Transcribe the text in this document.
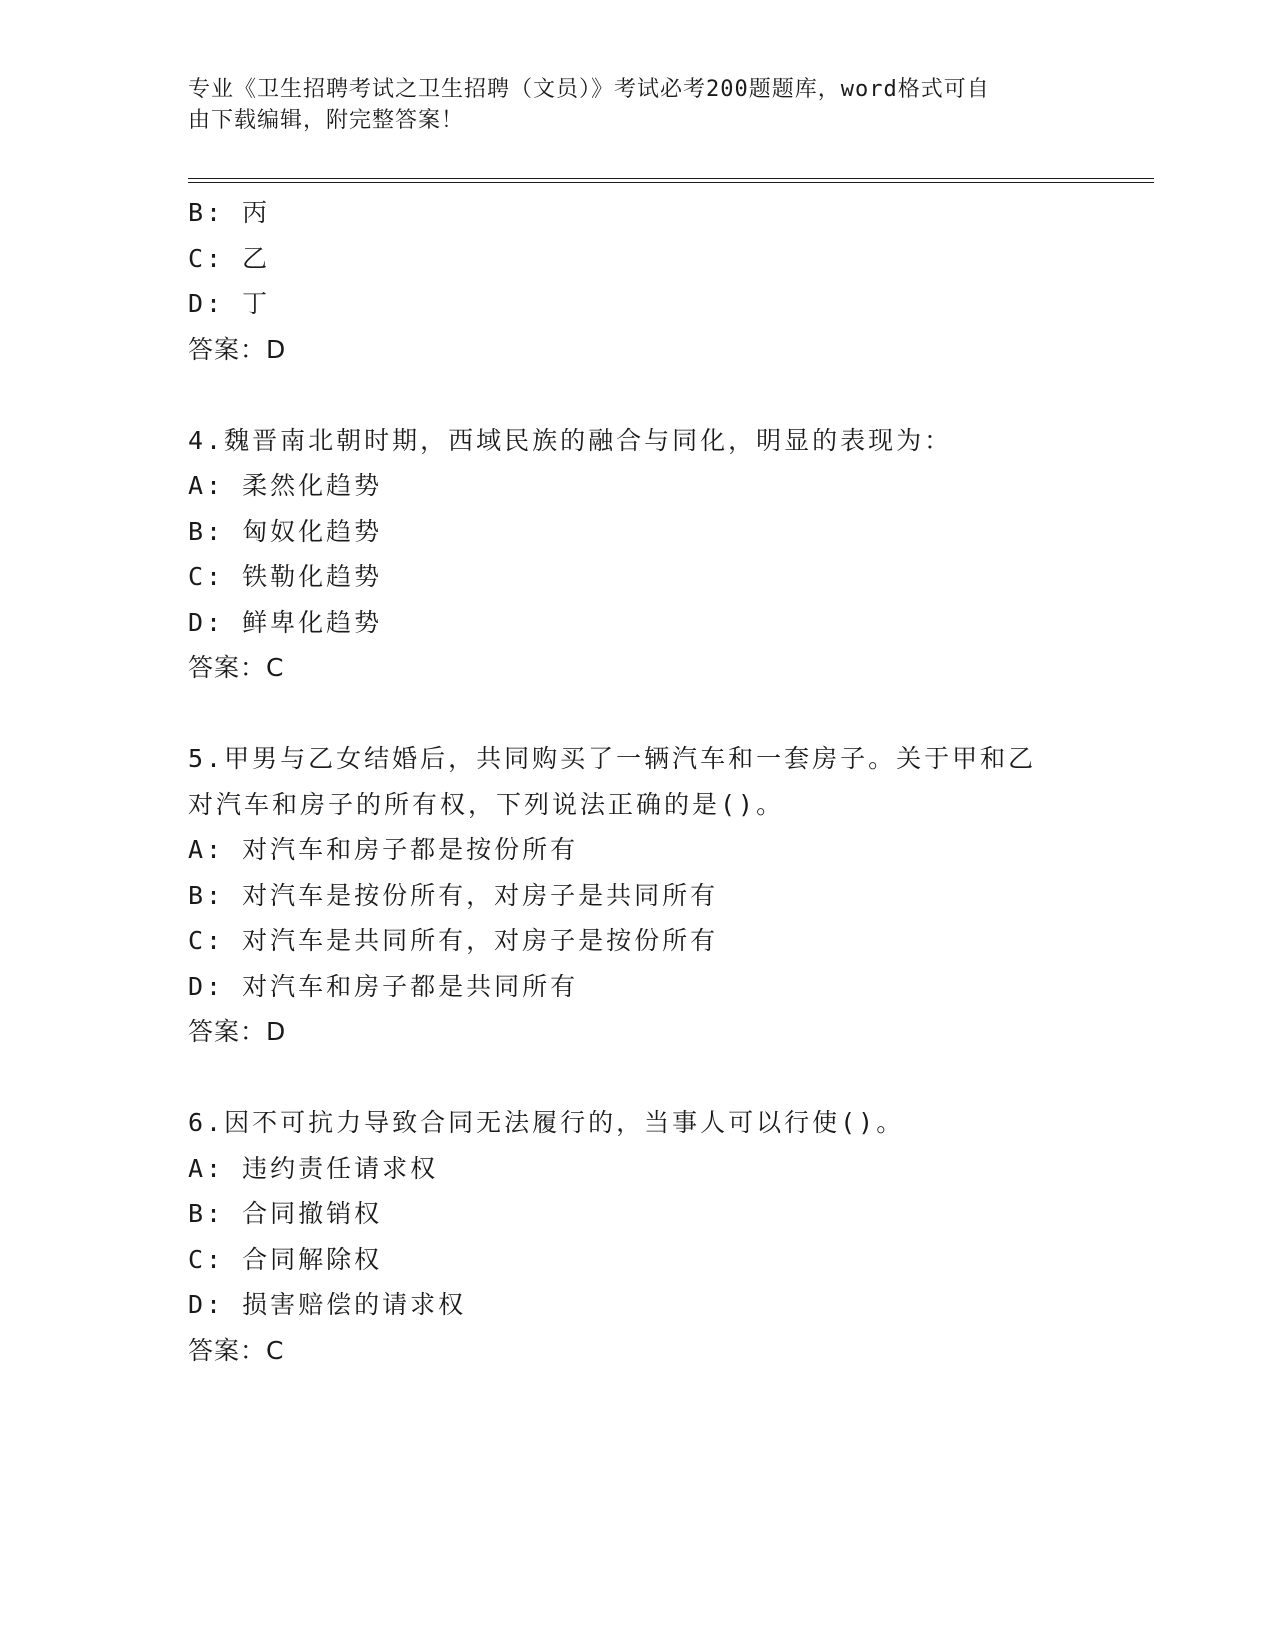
专业《卫生招聘考试之卫生招聘（文员）》考试必考200题题库，word格式可自
由下载编辑，附完整答案！
B: 丙
C: 乙
D: 丁
答案：D
4.魏晋南北朝时期，西域民族的融合与同化，明显的表现为：
A: 柔然化趋势
B: 匈奴化趋势
C: 铁勒化趋势
D: 鲜卑化趋势
答案：C
5.甲男与乙女结婚后，共同购买了一辆汽车和一套房子。关于甲和乙
对汽车和房子的所有权，下列说法正确的是()。
A: 对汽车和房子都是按份所有
B: 对汽车是按份所有，对房子是共同所有
C: 对汽车是共同所有，对房子是按份所有
D: 对汽车和房子都是共同所有
答案：D
6.因不可抗力导致合同无法履行的，当事人可以行使()。
A: 违约责任请求权
B: 合同撤销权
C: 合同解除权
D: 损害赔偿的请求权
答案：C
